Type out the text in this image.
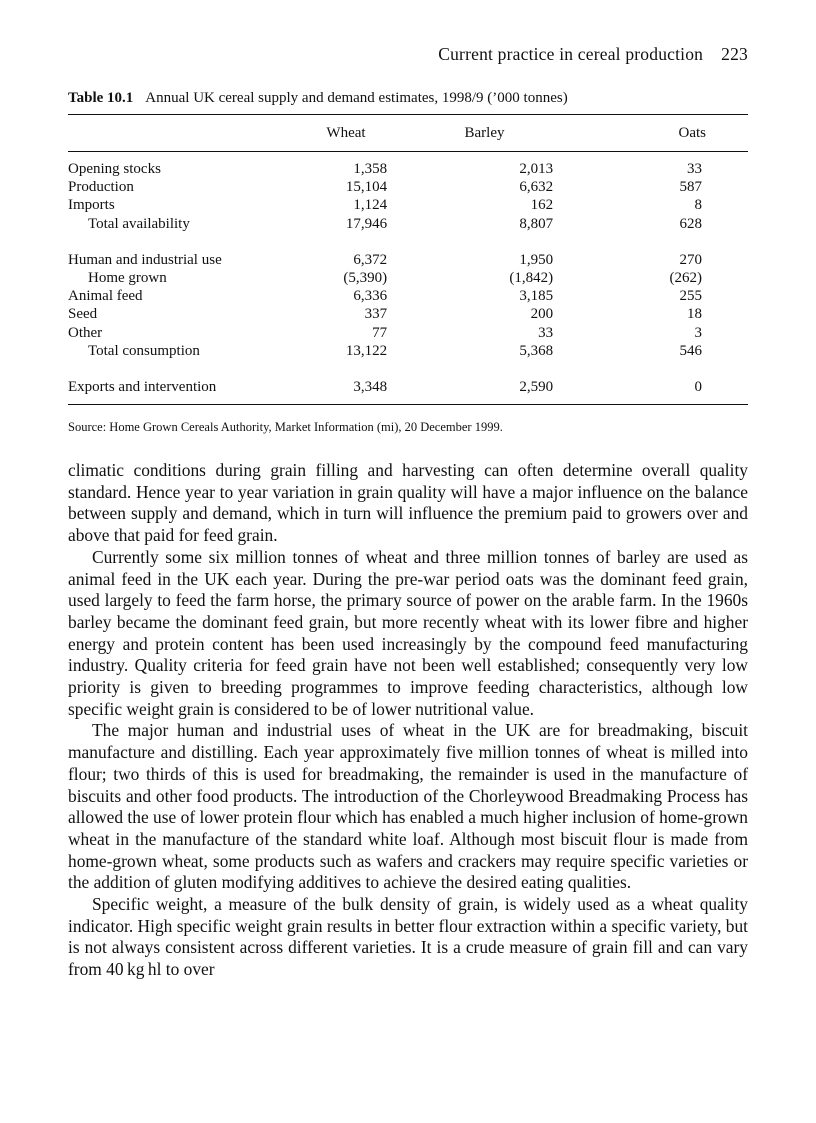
Current practice in cereal production 223
Table 10.1 Annual UK cereal supply and demand estimates, 1998/9 (’000 tonnes)
	Wheat	Barley	Oats
Opening stocks	1,358	2,013	33
Production	15,104	6,632	587
Imports	1,124	162	8
Total availability	17,946	8,807	628

Human and industrial use	6,372	1,950	270
Home grown	(5,390)	(1,842)	(262)
Animal feed	6,336	3,185	255
Seed	337	200	18
Other	77	33	3
Total consumption	13,122	5,368	546

Exports and intervention	3,348	2,590	0
Source: Home Grown Cereals Authority, Market Information (mi), 20 December 1999.

climatic conditions during grain filling and harvesting can often determine overall quality standard. Hence year to year variation in grain quality will have a major influence on the balance between supply and demand, which in turn will influence the premium paid to growers over and above that paid for feed grain.

Currently some six million tonnes of wheat and three million tonnes of barley are used as animal feed in the UK each year. During the pre-war period oats was the dominant feed grain, used largely to feed the farm horse, the primary source of power on the arable farm. In the 1960s barley became the dominant feed grain, but more recently wheat with its lower fibre and higher energy and protein content has been used increasingly by the compound feed manufacturing industry. Quality criteria for feed grain have not been well established; consequently very low priority is given to breeding programmes to improve feeding characteristics, although low specific weight grain is considered to be of lower nutritional value.

The major human and industrial uses of wheat in the UK are for breadmaking, biscuit manufacture and distilling. Each year approximately five million tonnes of wheat is milled into flour; two thirds of this is used for breadmaking, the remainder is used in the manufacture of biscuits and other food products. The introduction of the Chorleywood Breadmaking Process has allowed the use of lower protein flour which has enabled a much higher inclusion of home-grown wheat in the manufacture of the standard white loaf. Although most biscuit flour is made from home-grown wheat, some products such as wafers and crackers may require specific varieties or the addition of gluten modifying additives to achieve the desired eating qualities.

Specific weight, a measure of the bulk density of grain, is widely used as a wheat quality indicator. High specific weight grain results in better flour extraction within a specific variety, but is not always consistent across different varieties. It is a crude measure of grain fill and can vary from 40 kg hl to over
